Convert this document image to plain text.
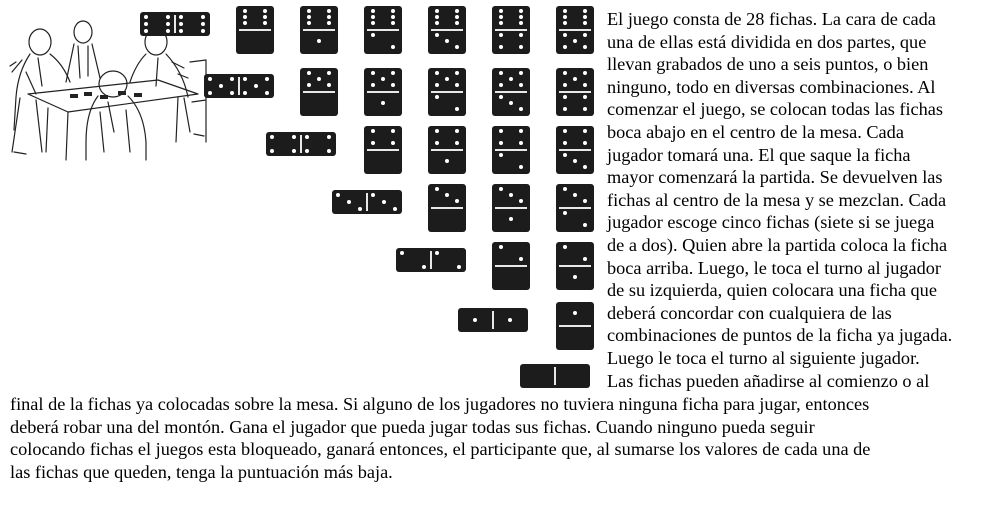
El juego consta de 28 fichas. La cara de cada

una de ellas está dividida en dos partes, que

llevan grabados de uno a seis puntos, o bien

ninguno, todo en diversas combinaciones. Al

comenzar el juego, se colocan todas las fichas

boca abajo en el centro de la mesa. Cada

jugador tomará una. El que saque la ficha

mayor comenzará la partida. Se devuelven las

fichas al centro de la mesa y se mezclan. Cada

jugador escoge cinco fichas (siete si se juega

de a dos). Quien abre la partida coloca la ficha

boca arriba. Luego, le toca el turno al jugador

de su izquierda, quien colocara una ficha que

deberá concordar con cualquiera de las

combinaciones de puntos de la ficha ya jugada.

Luego le toca el turno al siguiente jugador.

Las fichas pueden añadirse al comienzo o al

final de la fichas ya colocadas sobre la mesa. Si alguno de los jugadores no tuviera ninguna ficha para jugar, entonces

deberá robar una del montón. Gana el jugador que pueda jugar todas sus fichas. Cuando ninguno pueda seguir

colocando fichas el juegos esta bloqueado, ganará entonces, el participante que, al sumarse los valores de cada una de

las fichas que queden, tenga la puntuación más baja.
